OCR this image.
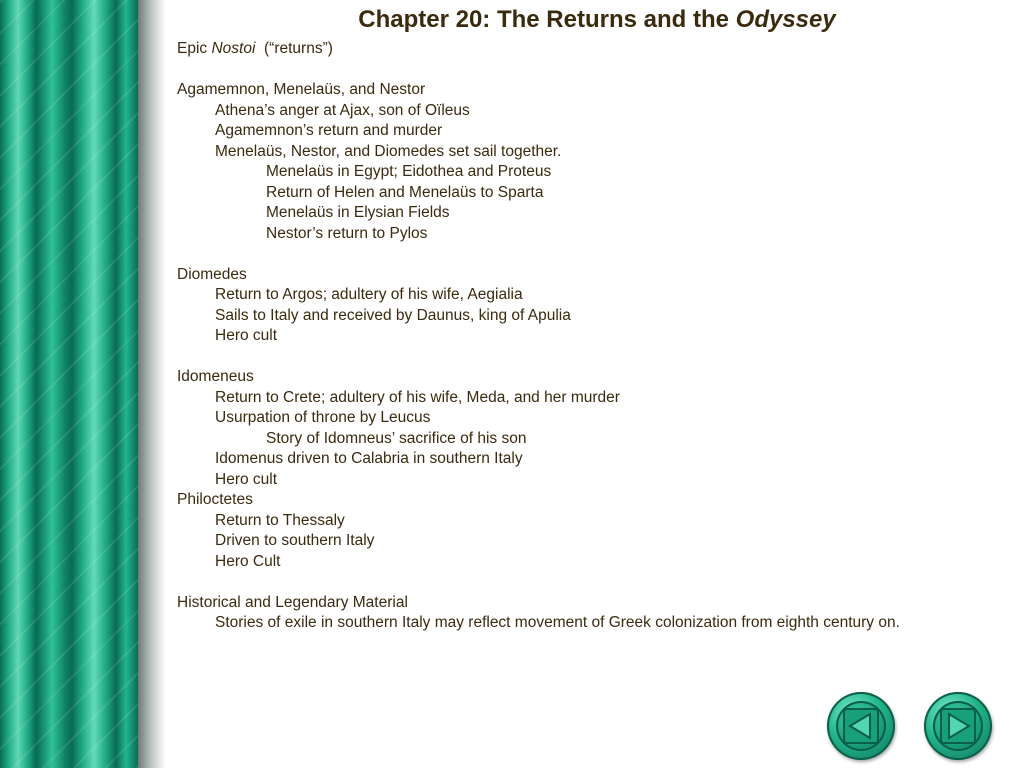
Chapter 20: The Returns and the Odyssey
Epic Nostoi  (“returns”)
Agamemnon, Menelaüs, and Nestor
Athena’s anger at Ajax, son of Oïleus
Agamemnon’s return and murder
Menelaüs, Nestor, and Diomedes set sail together.
Menelaüs in Egypt; Eidothea and Proteus
Return of Helen and Menelaüs to Sparta
Menelaüs in Elysian Fields
Nestor’s return to Pylos
Diomedes
Return to Argos; adultery of his wife, Aegialia
Sails to Italy and received by Daunus, king of Apulia
Hero cult
Idomeneus
Return to Crete; adultery of his wife, Meda, and her murder
Usurpation of throne by Leucus
Story of Idomneus’ sacrifice of his son
Idomenus driven to Calabria in southern Italy
Hero cult
Philoctetes
Return to Thessaly
Driven to southern Italy
Hero Cult
Historical and Legendary Material
Stories of exile in southern Italy may reflect movement of Greek colonization from eighth century on.
